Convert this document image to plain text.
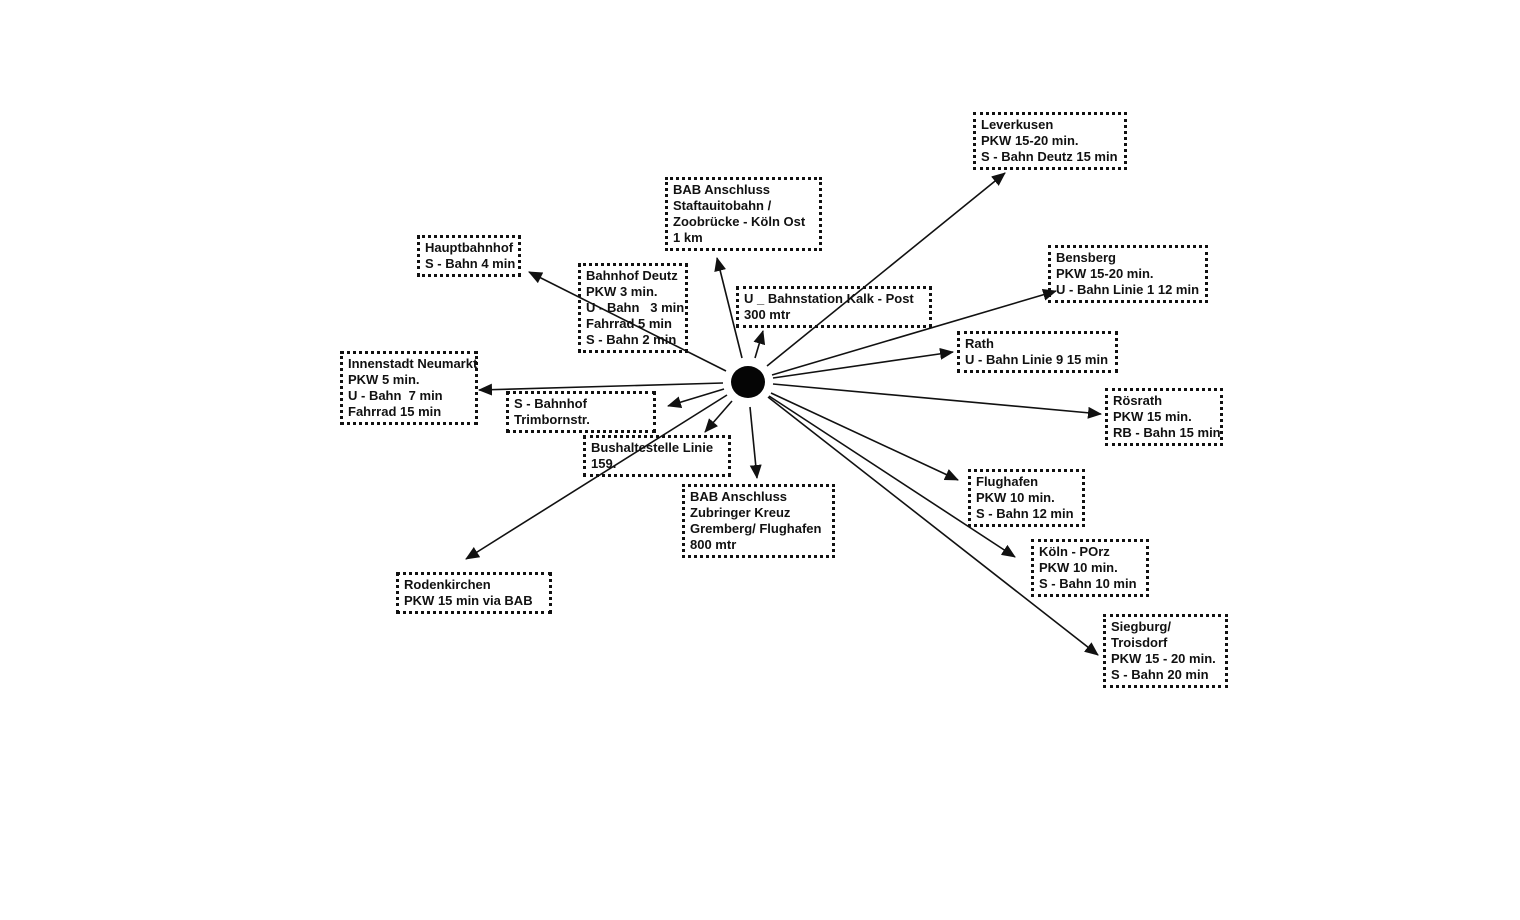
Leverkusen
PKW 15-20 min.
S - Bahn Deutz 15 min
BAB Anschluss
Staftauitobahn /
Zoobrücke - Köln Ost
1 km
Hauptbahnhof
S - Bahn 4 min
Bahnhof Deutz
PKW 3 min.
U - Bahn   3 min
Fahrrad 5 min
S - Bahn 2 min
U _ Bahnstation Kalk - Post
300 mtr
Bensberg
PKW 15-20 min.
U - Bahn Linie 1 12 min
Rath
U - Bahn Linie 9 15 min
Innenstadt Neumarkt
PKW 5 min.
U - Bahn  7 min
Fahrrad 15 min
S - Bahnhof
Trimbornstr.
Rösrath
PKW 15 min.
RB - Bahn 15 min
Bushaltestelle Linie
159.
BAB Anschluss
Zubringer Kreuz
Gremberg/ Flughafen
800 mtr
Flughafen
PKW 10 min.
S - Bahn 12 min
Köln - POrz
PKW 10 min.
S - Bahn 10 min
Rodenkirchen
PKW 15 min via BAB
Siegburg/
Troisdorf
PKW 15 - 20 min.
S - Bahn 20 min
